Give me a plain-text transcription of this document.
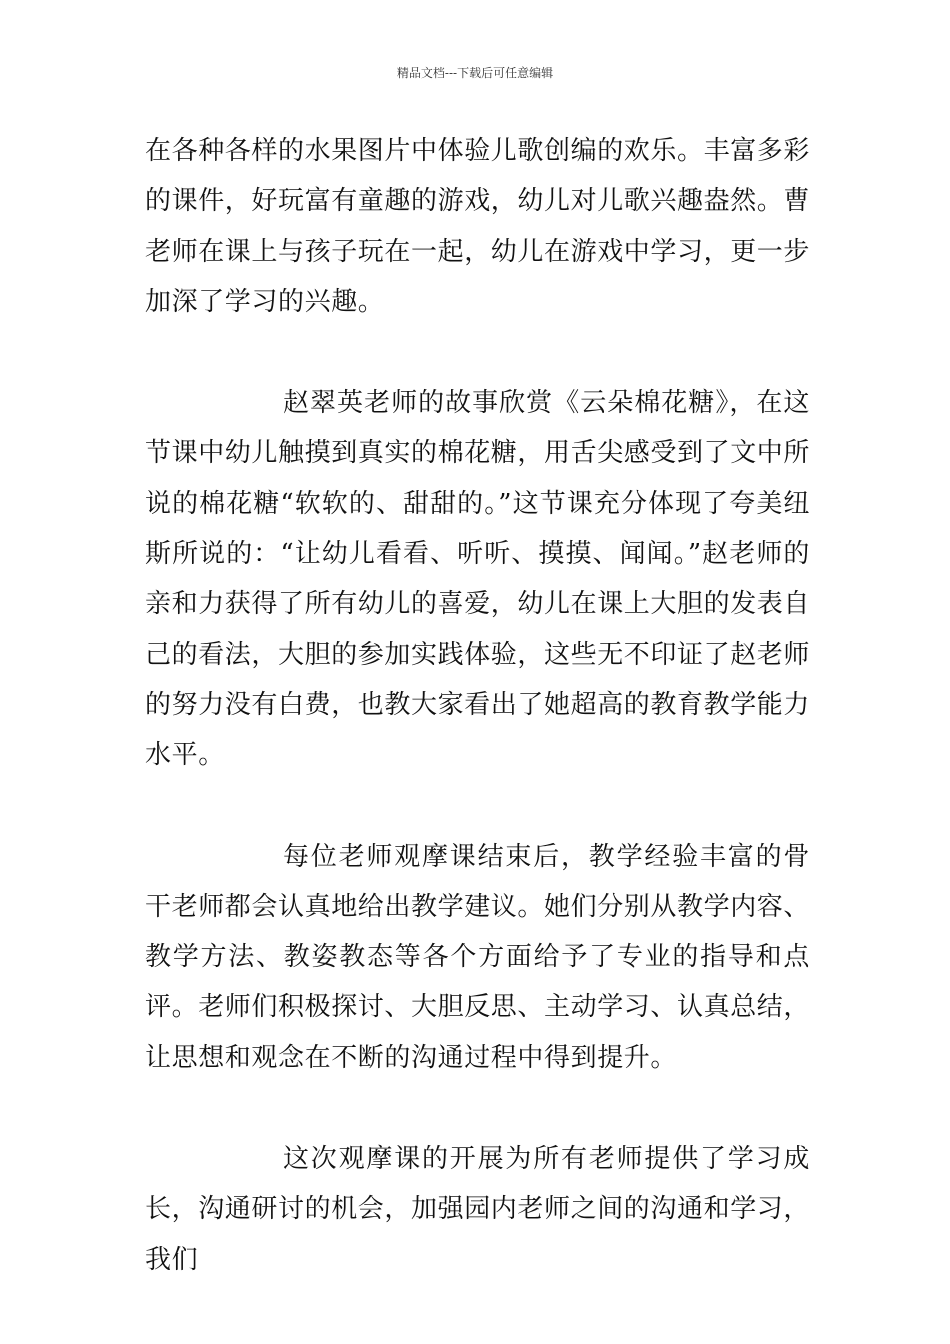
精品文档---下载后可任意编辑

在各种各样的水果图片中体验儿歌创编的欢乐。丰富多彩的课件，好玩富有童趣的游戏，幼儿对儿歌兴趣盎然。曹老师在课上与孩子玩在一起，幼儿在游戏中学习，更一步加深了学习的兴趣。

赵翠英老师的故事欣赏《云朵棉花糖》，在这节课中幼儿触摸到真实的棉花糖，用舌尖感受到了文中所说的棉花糖“软软的、甜甜的。”这节课充分体现了夸美纽斯所说的：“让幼儿看看、听听、摸摸、闻闻。”赵老师的亲和力获得了所有幼儿的喜爱，幼儿在课上大胆的发表自己的看法，大胆的参加实践体验，这些无不印证了赵老师的努力没有白费，也教大家看出了她超高的教育教学能力水平。

每位老师观摩课结束后，教学经验丰富的骨干老师都会认真地给出教学建议。她们分别从教学内容、教学方法、教姿教态等各个方面给予了专业的指导和点评。老师们积极探讨、大胆反思、主动学习、认真总结，让思想和观念在不断的沟通过程中得到提升。

这次观摩课的开展为所有老师提供了学习成长，沟通研讨的机会，加强园内老师之间的沟通和学习，我们
